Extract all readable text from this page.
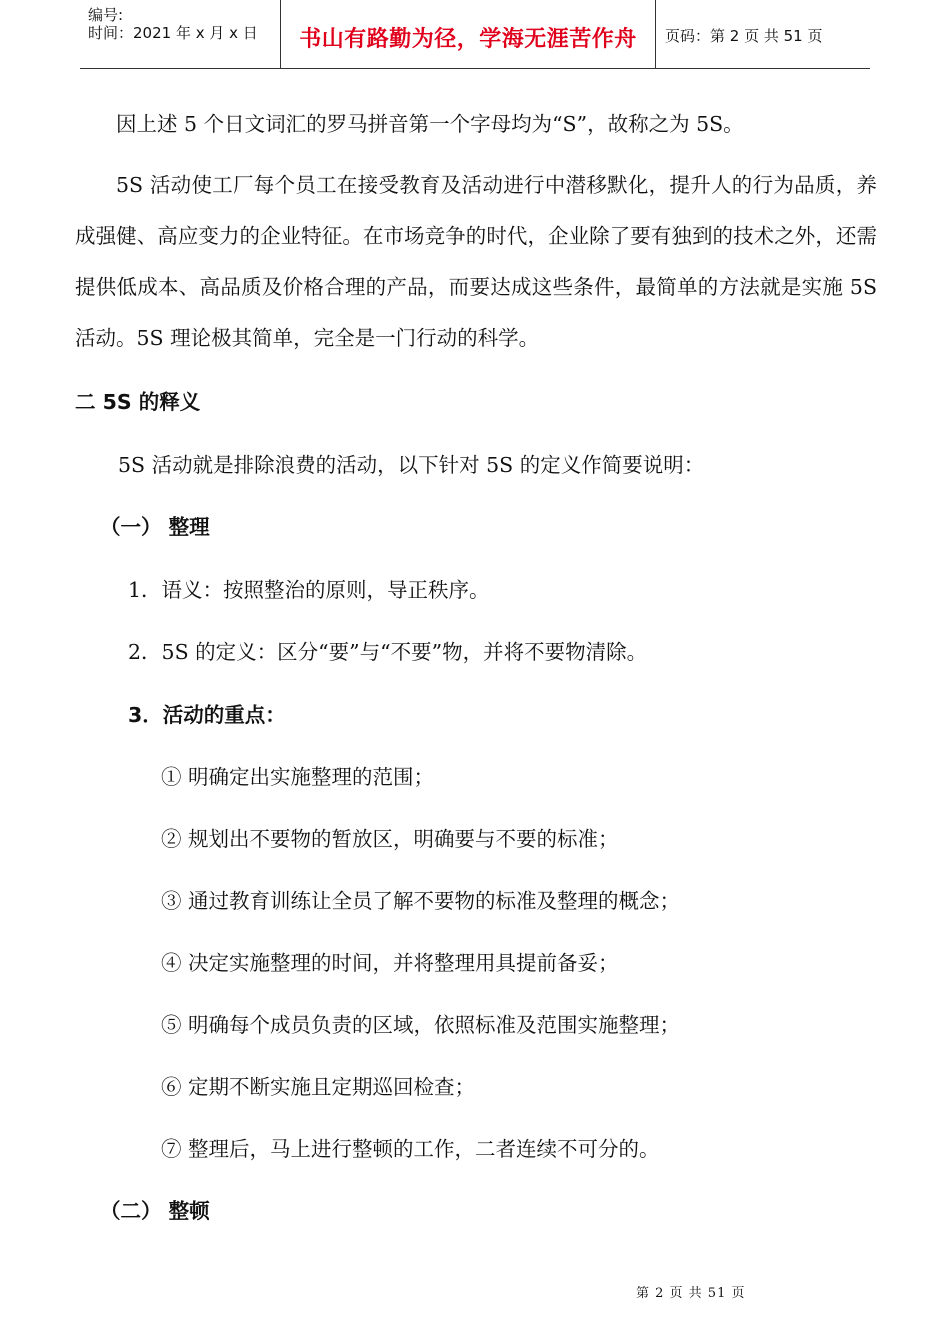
编号:
时间：2021 年 x 月 x 日	书山有路勤为径，学海无涯苦作舟	页码：第 2 页 共 51 页

因上述 5 个日文词汇的罗马拼音第一个字母均为“S”，故称之为 5S。

5S 活动使工厂每个员工在接受教育及活动进行中潜移默化，提升人的行为品质，养成强健、高应变力的企业特征。在市场竞争的时代，企业除了要有独到的技术之外，还需提供低成本、高品质及价格合理的产品，而要达成这些条件，最简单的方法就是实施 5S 活动。5S 理论极其简单，完全是一门行动的科学。

二 5S 的释义

5S 活动就是排除浪费的活动，以下针对 5S 的定义作简要说明：

（一） 整理

1．语义：按照整治的原则，导正秩序。

2．5S 的定义：区分“要”与“不要”物，并将不要物清除。

3．活动的重点：

① 明确定出实施整理的范围；

② 规划出不要物的暂放区，明确要与不要的标准；

③ 通过教育训练让全员了解不要物的标准及整理的概念；

④ 决定实施整理的时间，并将整理用具提前备妥；

⑤ 明确每个成员负责的区域，依照标准及范围实施整理；

⑥ 定期不断实施且定期巡回检查；

⑦ 整理后，马上进行整顿的工作，二者连续不可分的。

（二） 整顿

第 2 页 共 51 页
